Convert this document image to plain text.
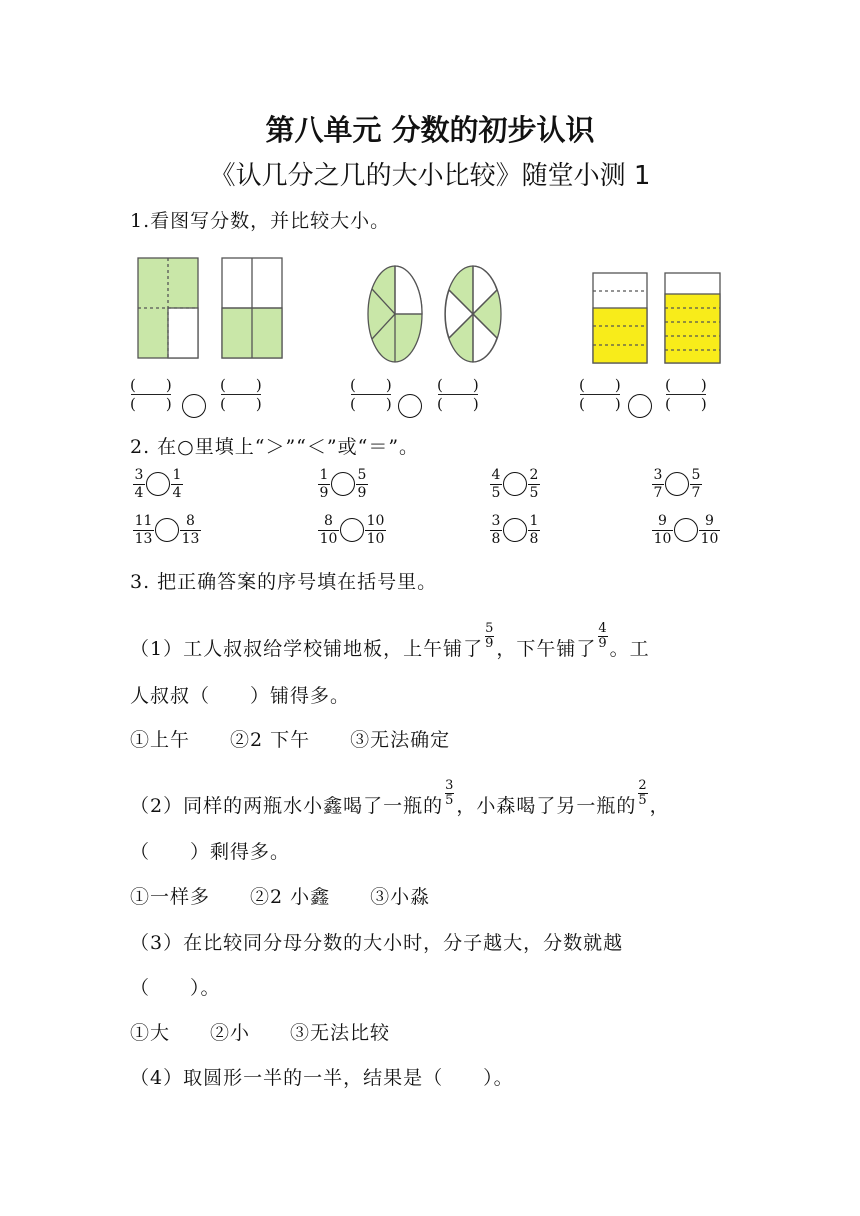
第八单元 分数的初步认识
《认几分之几的大小比较》随堂小测 1
1.看图写分数，并比较大小。
(　　)
(　　)
(　　)
(　　)
(　　)
(　　)
(　　)
(　　)
(　　)
(　　)
(　　)
(　　)
2. 在○里填上“＞”“＜”或“＝”。
3
4
1
4
1
9
5
9
4
5
2
5
3
7
5
7
11
13
8
13
8
10
10
10
3
8
1
8
9
10
9
10
3. 把正确答案的序号填在括号里。
（1）工人叔叔给学校铺地板，上午铺了 $\frac{5}{9}$ ，下午铺了 $\frac{4}{9}$ 。工
人叔叔（　　）铺得多。
①上午　　②2 下午　　③无法确定
（2）同样的两瓶水小鑫喝了一瓶的 $\frac{3}{5}$ ，小森喝了另一瓶的 $\frac{2}{5}$ ，
（　　）剩得多。
①一样多　　②2 小鑫　　③小淼
（3）在比较同分母分数的大小时，分子越大，分数就越
（　　）。
①大　　②小　　③无法比较
（4）取圆形一半的一半，结果是（　　）。
